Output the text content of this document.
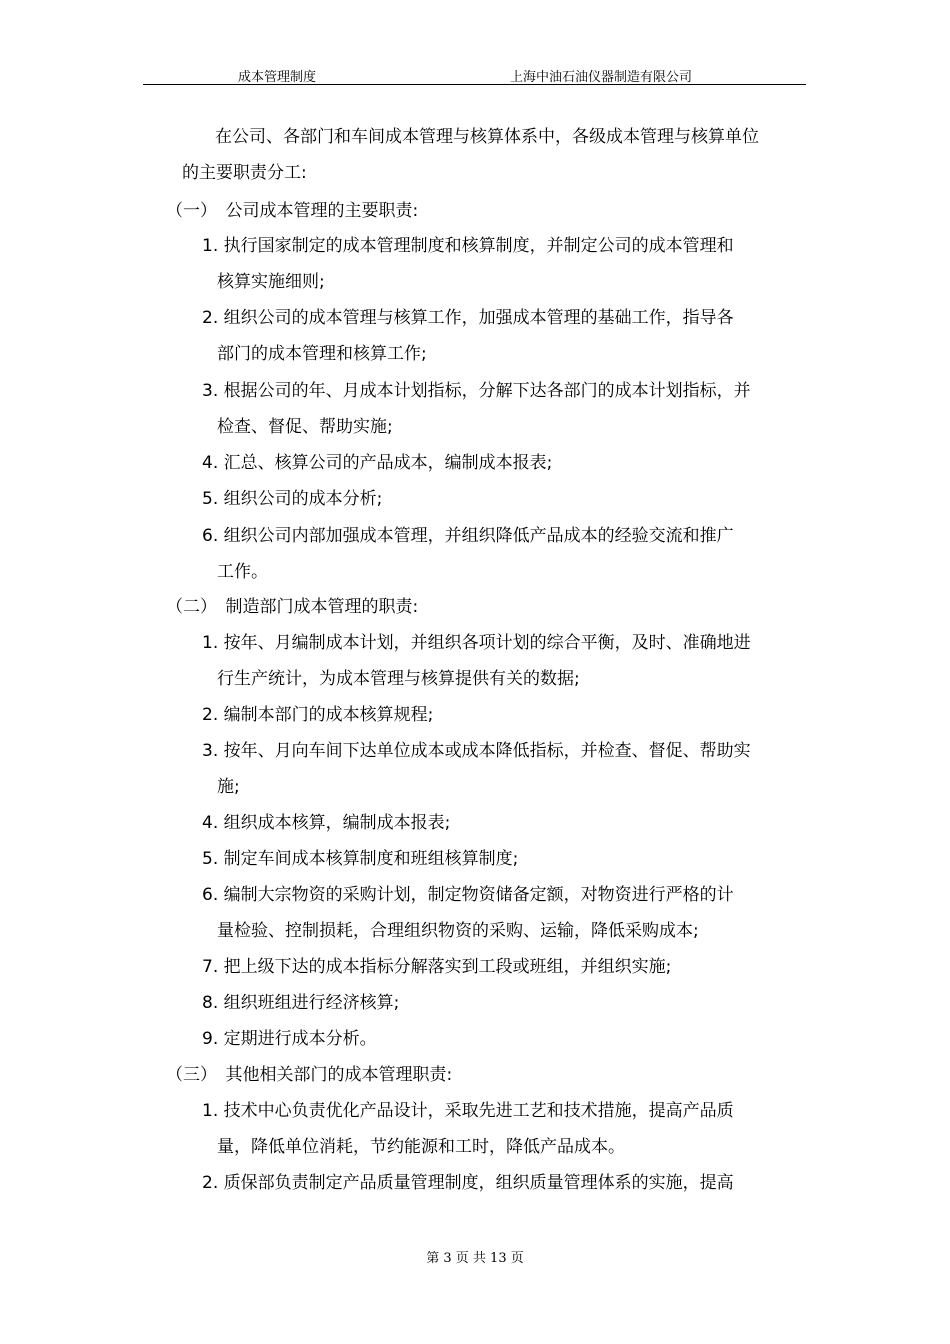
成本管理制度	上海中油石油仪器制造有限公司
在公司、各部门和车间成本管理与核算体系中，各级成本管理与核算单位
的主要职责分工:
（一）　公司成本管理的主要职责:
1. 执行国家制定的成本管理制度和核算制度，并制定公司的成本管理和
核算实施细则;
2. 组织公司的成本管理与核算工作，加强成本管理的基础工作，指导各
部门的成本管理和核算工作;
3. 根据公司的年、月成本计划指标，分解下达各部门的成本计划指标，并
检查、督促、帮助实施;
4. 汇总、核算公司的产品成本，编制成本报表;
5. 组织公司的成本分析;
6. 组织公司内部加强成本管理，并组织降低产品成本的经验交流和推广
工作。
（二）　制造部门成本管理的职责:
1. 按年、月编制成本计划，并组织各项计划的综合平衡，及时、准确地进
行生产统计，为成本管理与核算提供有关的数据;
2. 编制本部门的成本核算规程;
3. 按年、月向车间下达单位成本或成本降低指标，并检查、督促、帮助实
施;
4. 组织成本核算，编制成本报表;
5. 制定车间成本核算制度和班组核算制度;
6. 编制大宗物资的采购计划，制定物资储备定额，对物资进行严格的计
量检验、控制损耗，合理组织物资的采购、运输，降低采购成本;
7. 把上级下达的成本指标分解落实到工段或班组，并组织实施;
8. 组织班组进行经济核算;
9. 定期进行成本分析。
（三）　其他相关部门的成本管理职责:
1. 技术中心负责优化产品设计，采取先进工艺和技术措施，提高产品质
量，降低单位消耗，节约能源和工时，降低产品成本。
2. 质保部负责制定产品质量管理制度，组织质量管理体系的实施，提高
第 3 页 共 13 页
